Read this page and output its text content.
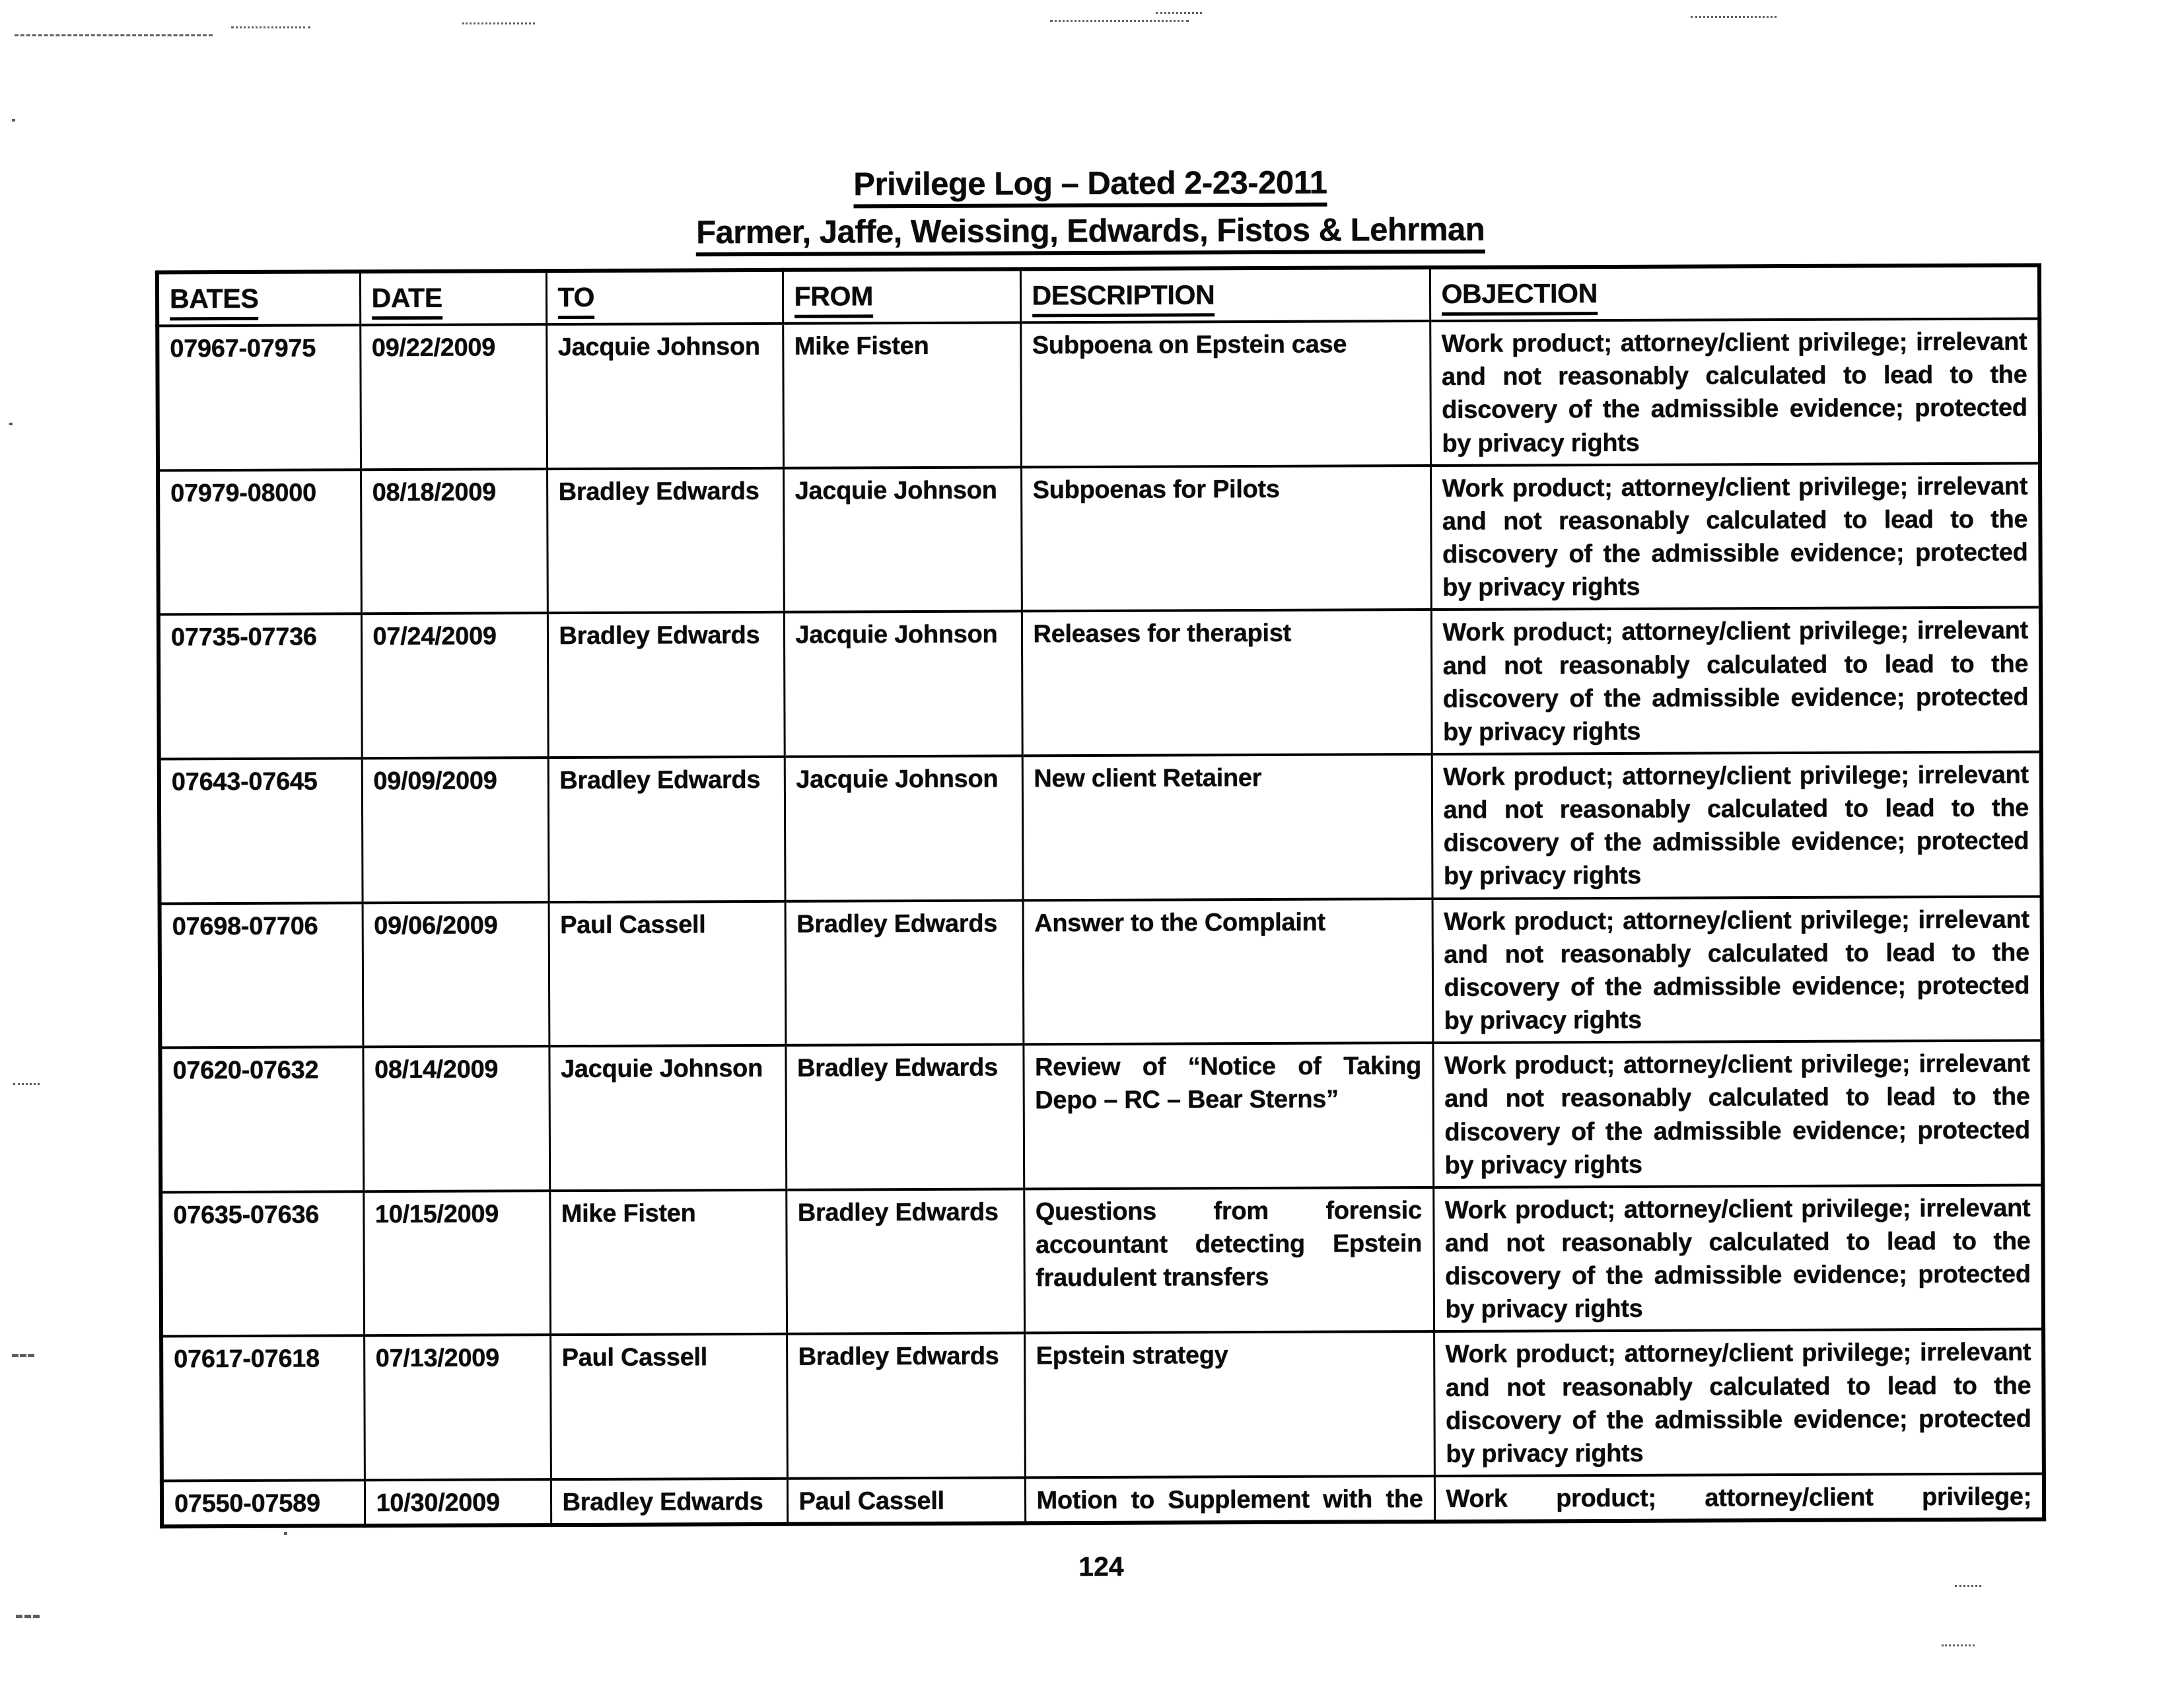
Privilege Log – Dated 2-23-2011
Farmer, Jaffe, Weissing, Edwards, Fistos & Lehrman
BATES	DATE	TO	FROM	DESCRIPTION	OBJECTION
07967-07975	09/22/2009	Jacquie Johnson	Mike Fisten	Subpoena on Epstein case	Work product; attorney/client privilege; irrelevant and not reasonably calculated to lead to the discovery of the admissible evidence; protected by privacy rights
07979-08000	08/18/2009	Bradley Edwards	Jacquie Johnson	Subpoenas for Pilots	Work product; attorney/client privilege; irrelevant and not reasonably calculated to lead to the discovery of the admissible evidence; protected by privacy rights
07735-07736	07/24/2009	Bradley Edwards	Jacquie Johnson	Releases for therapist	Work product; attorney/client privilege; irrelevant and not reasonably calculated to lead to the discovery of the admissible evidence; protected by privacy rights
07643-07645	09/09/2009	Bradley Edwards	Jacquie Johnson	New client Retainer	Work product; attorney/client privilege; irrelevant and not reasonably calculated to lead to the discovery of the admissible evidence; protected by privacy rights
07698-07706	09/06/2009	Paul Cassell	Bradley Edwards	Answer to the Complaint	Work product; attorney/client privilege; irrelevant and not reasonably calculated to lead to the discovery of the admissible evidence; protected by privacy rights
07620-07632	08/14/2009	Jacquie Johnson	Bradley Edwards	Review of “Notice of Taking Depo – RC – Bear Sterns”	Work product; attorney/client privilege; irrelevant and not reasonably calculated to lead to the discovery of the admissible evidence; protected by privacy rights
07635-07636	10/15/2009	Mike Fisten	Bradley Edwards	Questions from forensic accountant detecting Epstein fraudulent transfers	Work product; attorney/client privilege; irrelevant and not reasonably calculated to lead to the discovery of the admissible evidence; protected by privacy rights
07617-07618	07/13/2009	Paul Cassell	Bradley Edwards	Epstein strategy	Work product; attorney/client privilege; irrelevant and not reasonably calculated to lead to the discovery of the admissible evidence; protected by privacy rights
07550-07589	10/30/2009	Bradley Edwards	Paul Cassell	Motion to Supplement with the	Work product; attorney/client privilege;
124
